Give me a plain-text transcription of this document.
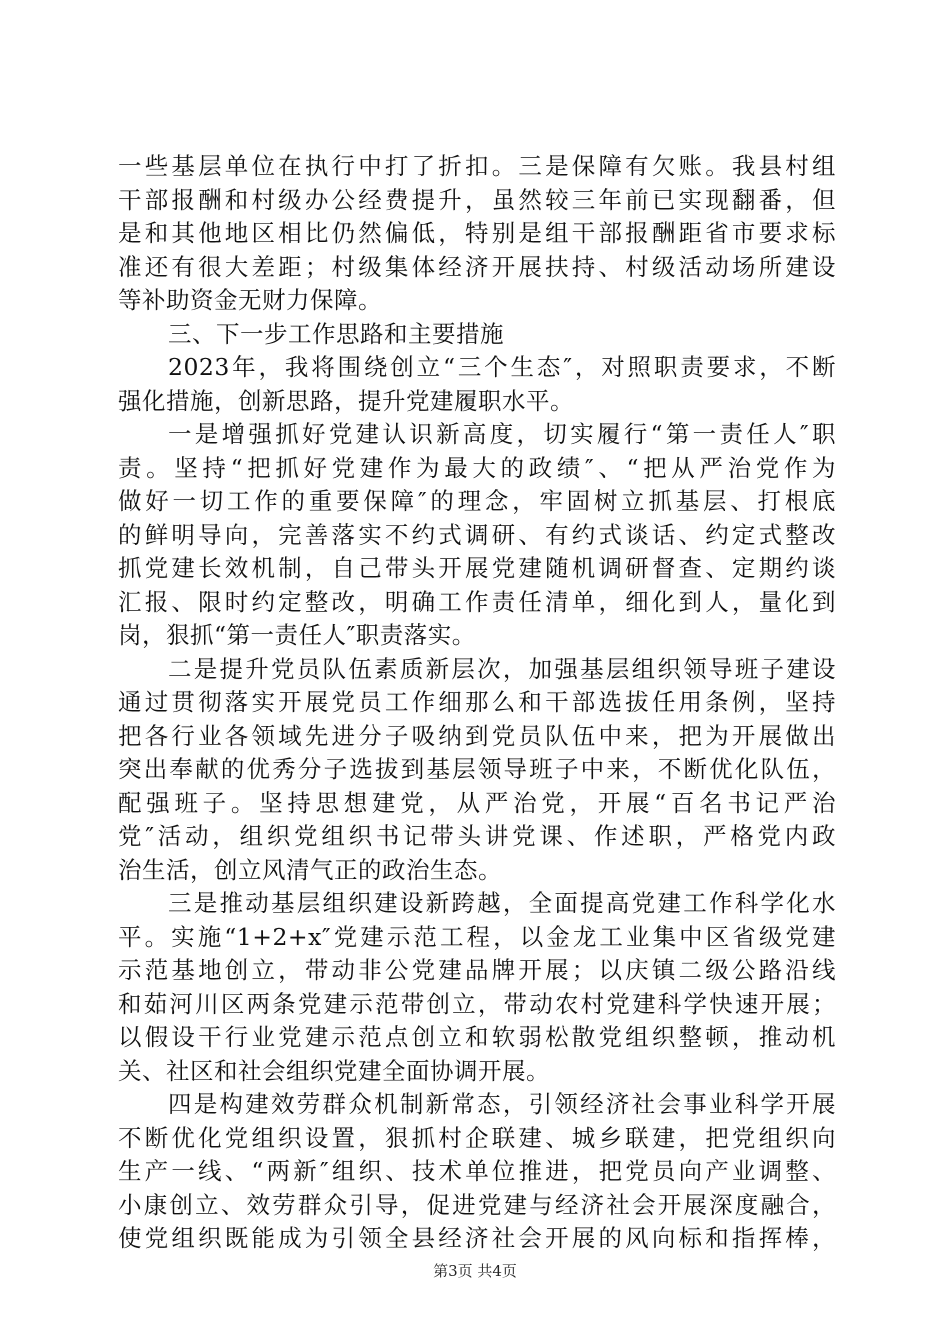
一些基层单位在执行中打了折扣。三是保障有欠账。我县村组
干部报酬和村级办公经费提升，虽然较三年前已实现翻番，但
是和其他地区相比仍然偏低，特别是组干部报酬距省市要求标
准还有很大差距；村级集体经济开展扶持、村级活动场所建设
等补助资金无财力保障。
三、下一步工作思路和主要措施
2023年，我将围绕创立“三个生态″，对照职责要求，不断
强化措施，创新思路，提升党建履职水平。
一是增强抓好党建认识新高度，切实履行“第一责任人″职
责。坚持“把抓好党建作为最大的政绩″、“把从严治党作为
做好一切工作的重要保障″的理念，牢固树立抓基层、打根底
的鲜明导向，完善落实不约式调研、有约式谈话、约定式整改
抓党建长效机制，自己带头开展党建随机调研督查、定期约谈
汇报、限时约定整改，明确工作责任清单，细化到人，量化到
岗，狠抓“第一责任人″职责落实。
二是提升党员队伍素质新层次，加强基层组织领导班子建设
通过贯彻落实开展党员工作细那么和干部选拔任用条例，坚持
把各行业各领域先进分子吸纳到党员队伍中来，把为开展做出
突出奉献的优秀分子选拔到基层领导班子中来，不断优化队伍，
配强班子。坚持思想建党，从严治党，开展“百名书记严治
党″活动，组织党组织书记带头讲党课、作述职，严格党内政
治生活，创立风清气正的政治生态。
三是推动基层组织建设新跨越，全面提高党建工作科学化水
平。实施“1+2+x″党建示范工程，以金龙工业集中区省级党建
示范基地创立，带动非公党建品牌开展；以庆镇二级公路沿线
和茹河川区两条党建示范带创立，带动农村党建科学快速开展；
以假设干行业党建示范点创立和软弱松散党组织整顿，推动机
关、社区和社会组织党建全面协调开展。
四是构建效劳群众机制新常态，引领经济社会事业科学开展
不断优化党组织设置，狠抓村企联建、城乡联建，把党组织向
生产一线、“两新″组织、技术单位推进，把党员向产业调整、
小康创立、效劳群众引导，促进党建与经济社会开展深度融合，
使党组织既能成为引领全县经济社会开展的风向标和指挥棒，
第3页 共4页
